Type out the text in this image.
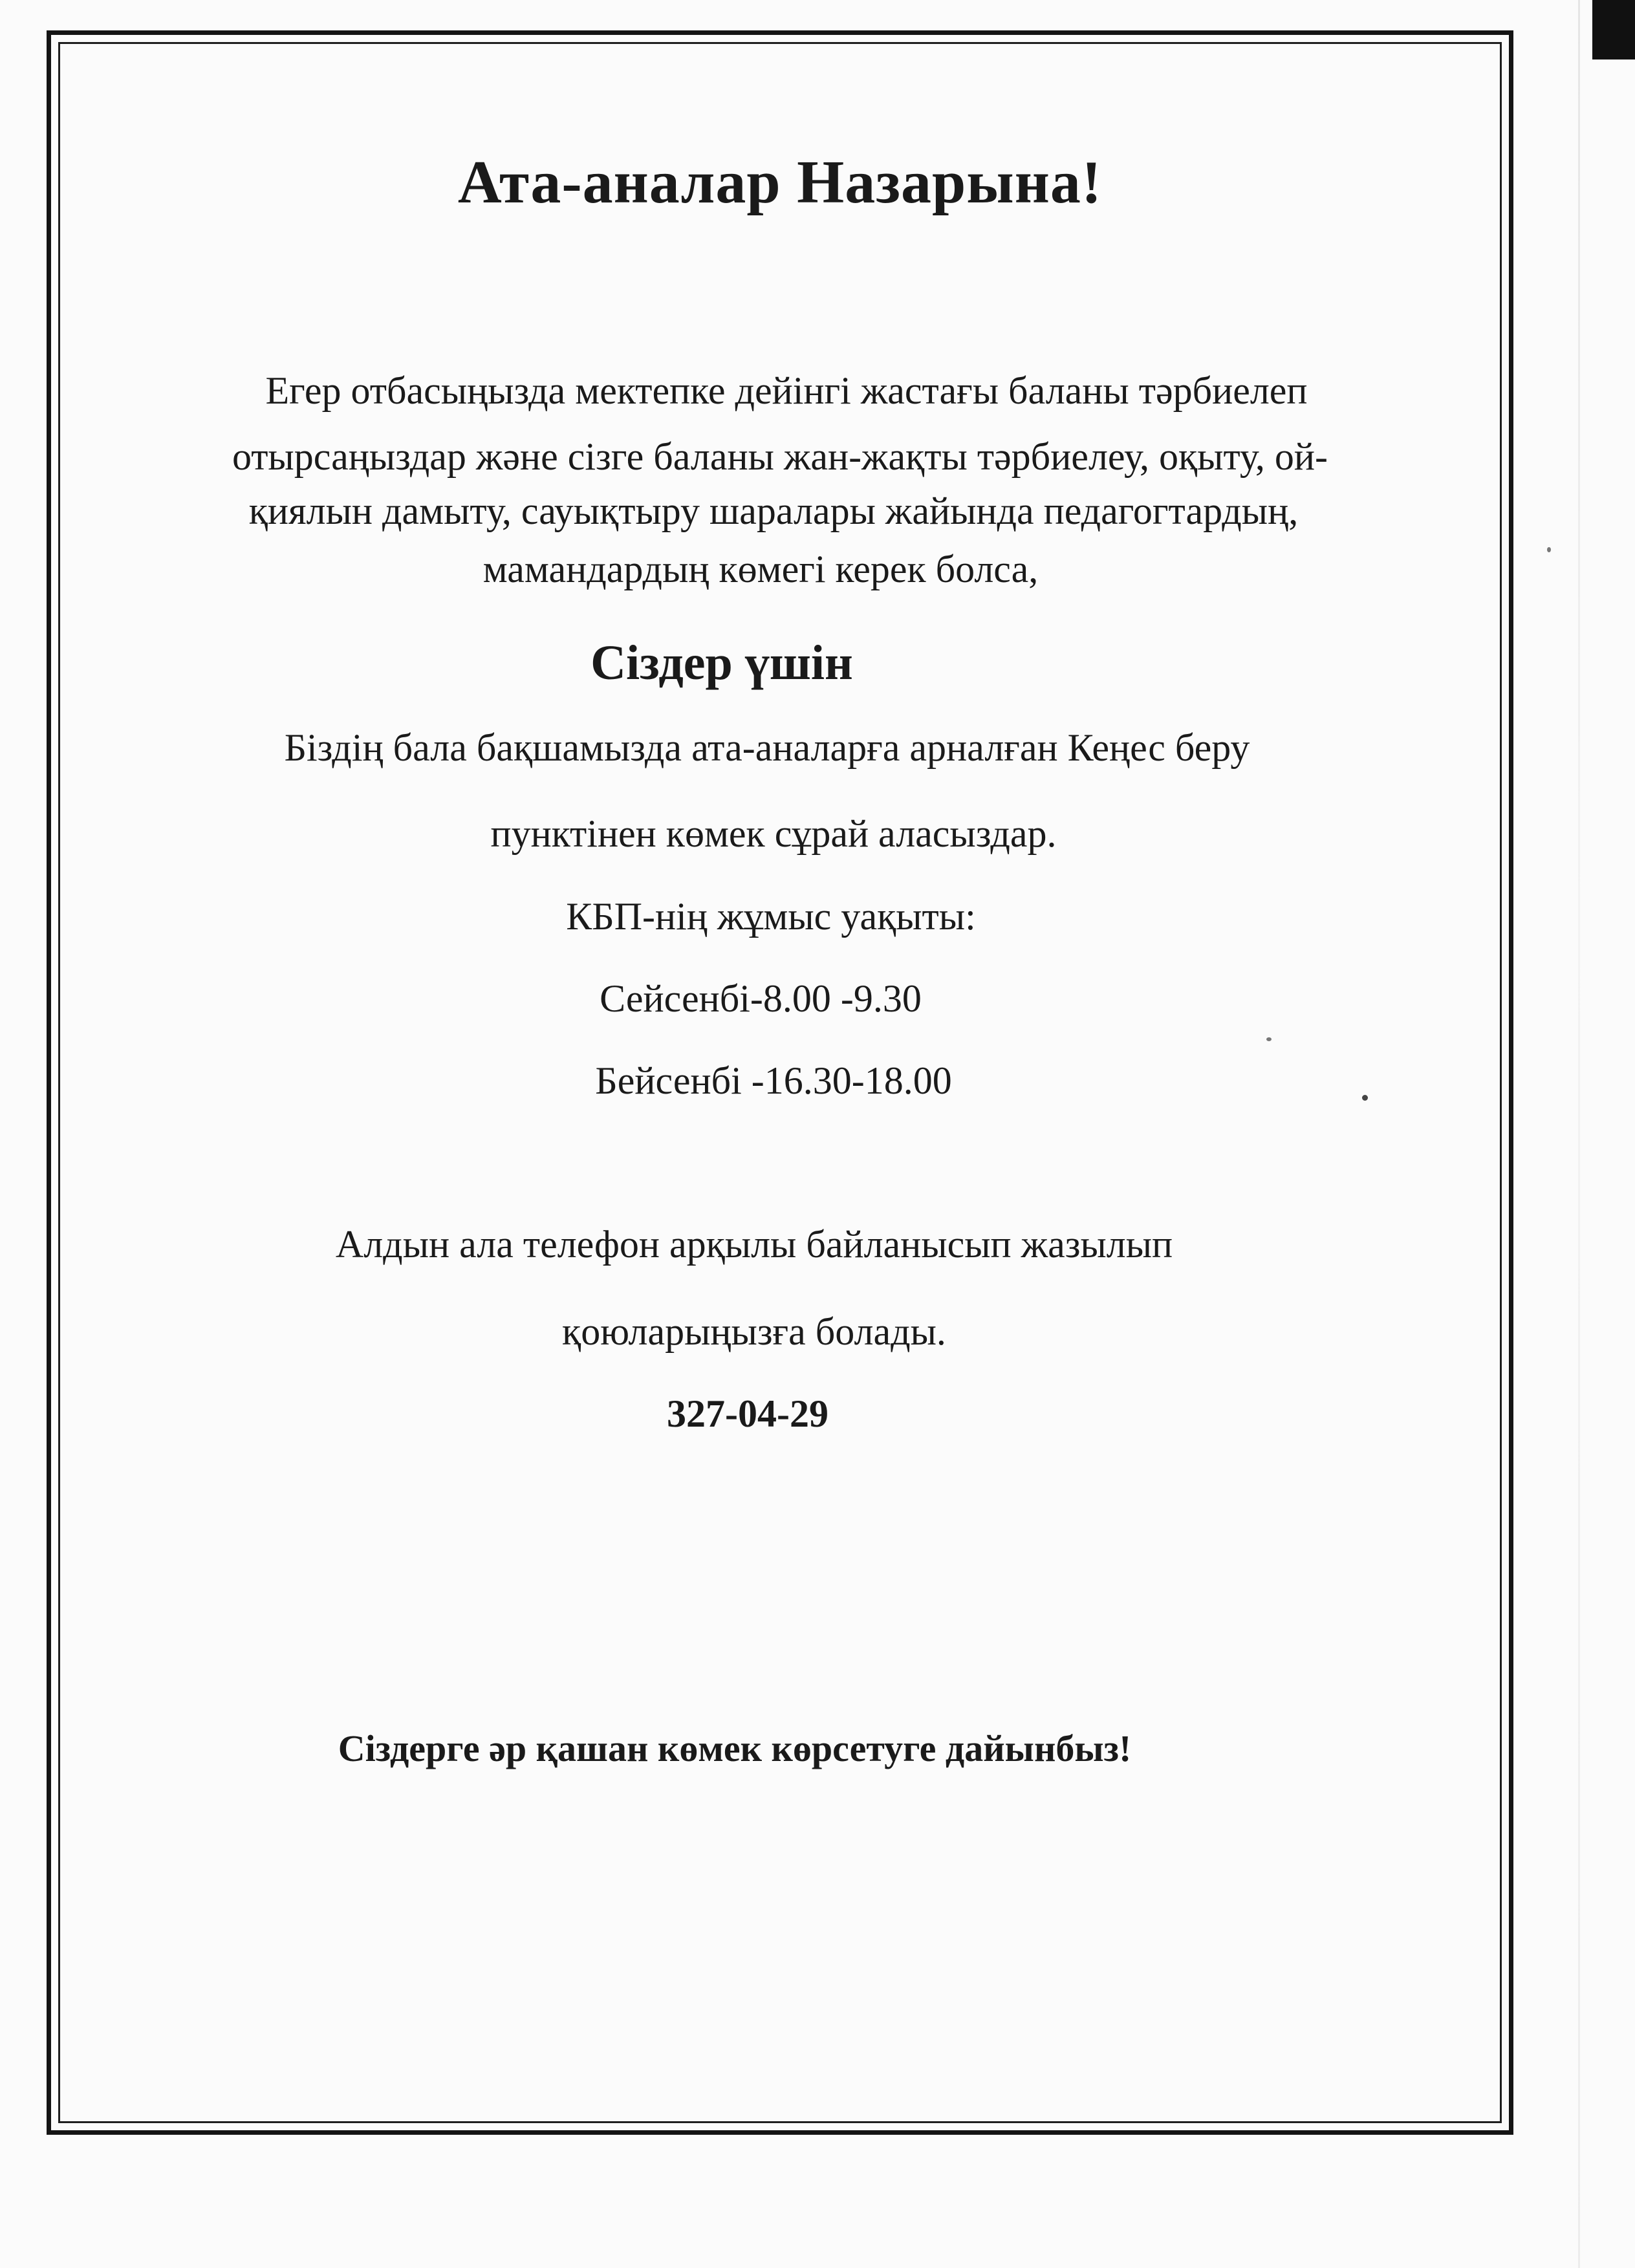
Ата-аналар Назарына!

Егер отбасыңызда мектепке дейінгі жастағы баланы тәрбиелеп

отырсаңыздар және сізге баланы жан-жақты тәрбиелеу, оқыту, ой-

қиялын дамыту, сауықтыру шаралары жайында педагогтардың,

мамандардың көмегі керек болса,

Сіздер үшін

Біздің бала бақшамызда ата-аналарға арналған Кеңес беру

пунктінен көмек сұрай аласыздар.

КБП-нің жұмыс уақыты:

Сейсенбі-8.00 -9.30

Бейсенбі -16.30-18.00

Алдын ала телефон арқылы байланысып жазылып

қоюларыңызға болады.

327-04-29

Сіздерге әр қашан көмек көрсетуге дайынбыз!
